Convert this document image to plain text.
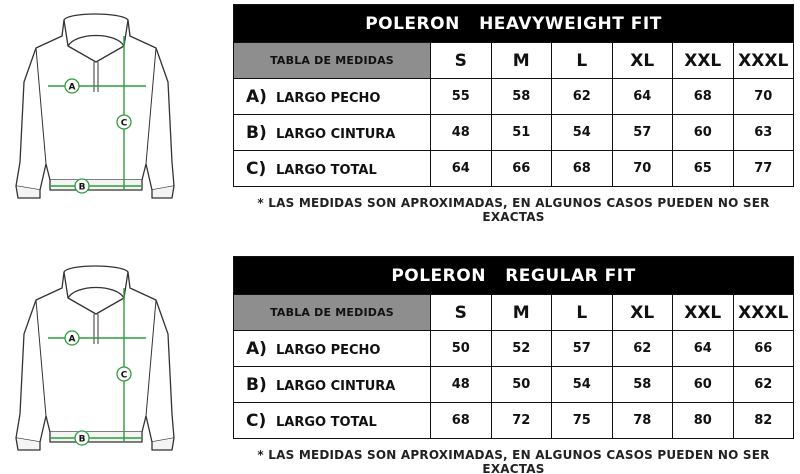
A
B
C
POLERON   HEAVYWEIGHT FIT						
TABLA DE MEDIDAS	S	M	L	XL	XXL	XXXL
A) LARGO PECHO	55	58	62	64	68	70
B) LARGO CINTURA	48	51	54	57	60	63
C) LARGO TOTAL	64	66	68	70	65	77
* LAS MEDIDAS SON APROXIMADAS, EN ALGUNOS CASOS PUEDEN NO SER EXACTAS
A
B
C
POLERON   REGULAR FIT						
TABLA DE MEDIDAS	S	M	L	XL	XXL	XXXL
A) LARGO PECHO	50	52	57	62	64	66
B) LARGO CINTURA	48	50	54	58	60	62
C) LARGO TOTAL	68	72	75	78	80	82
* LAS MEDIDAS SON APROXIMADAS, EN ALGUNOS CASOS PUEDEN NO SER EXACTAS
